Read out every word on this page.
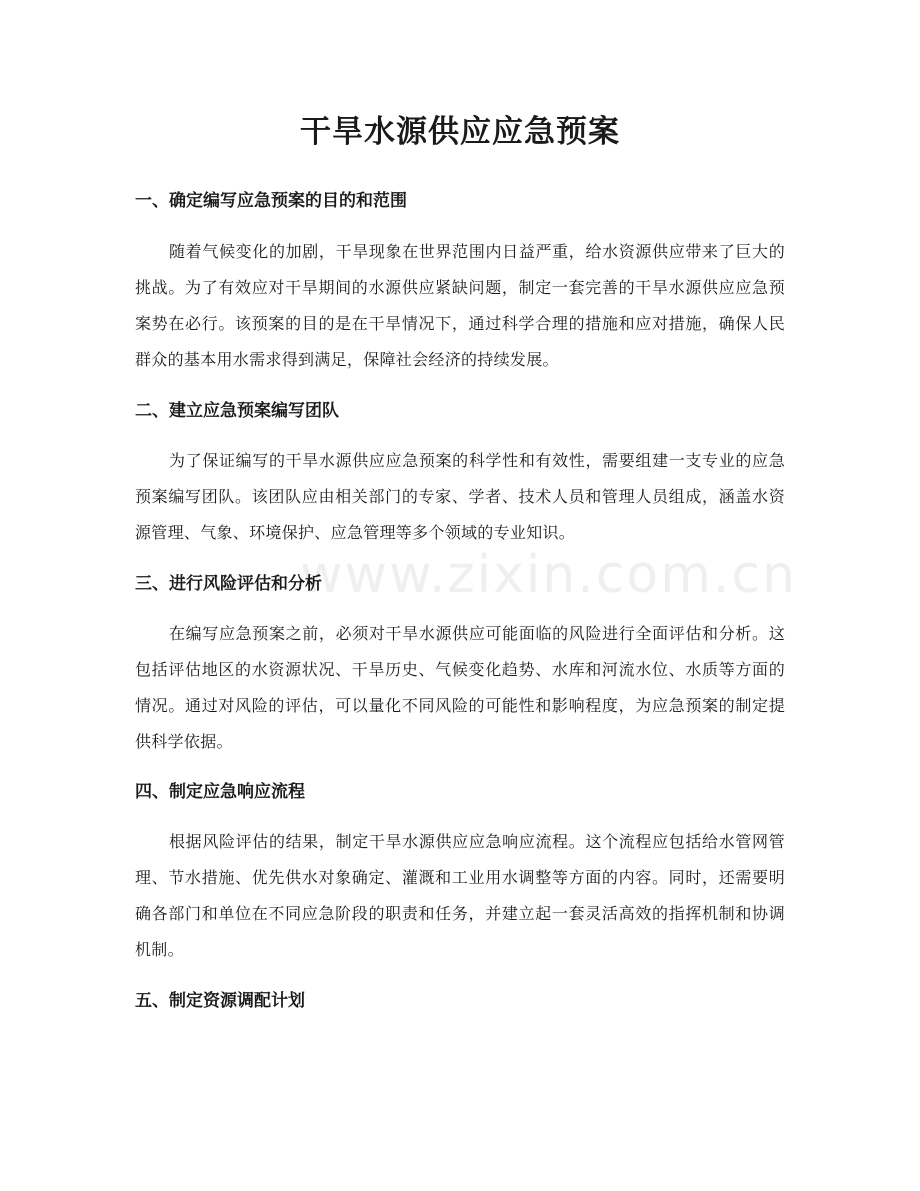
www.zixin.com.cn
干旱水源供应应急预案
一、确定编写应急预案的目的和范围

随着气候变化的加剧，干旱现象在世界范围内日益严重，给水资源供应带来了巨大的挑战。为了有效应对干旱期间的水源供应紧缺问题，制定一套完善的干旱水源供应应急预案势在必行。该预案的目的是在干旱情况下，通过科学合理的措施和应对措施，确保人民群众的基本用水需求得到满足，保障社会经济的持续发展。

二、建立应急预案编写团队

为了保证编写的干旱水源供应应急预案的科学性和有效性，需要组建一支专业的应急预案编写团队。该团队应由相关部门的专家、学者、技术人员和管理人员组成，涵盖水资源管理、气象、环境保护、应急管理等多个领域的专业知识。

三、进行风险评估和分析

在编写应急预案之前，必须对干旱水源供应可能面临的风险进行全面评估和分析。这包括评估地区的水资源状况、干旱历史、气候变化趋势、水库和河流水位、水质等方面的情况。通过对风险的评估，可以量化不同风险的可能性和影响程度，为应急预案的制定提供科学依据。

四、制定应急响应流程

根据风险评估的结果，制定干旱水源供应应急响应流程。这个流程应包括给水管网管理、节水措施、优先供水对象确定、灌溉和工业用水调整等方面的内容。同时，还需要明确各部门和单位在不同应急阶段的职责和任务，并建立起一套灵活高效的指挥机制和协调机制。

五、制定资源调配计划
